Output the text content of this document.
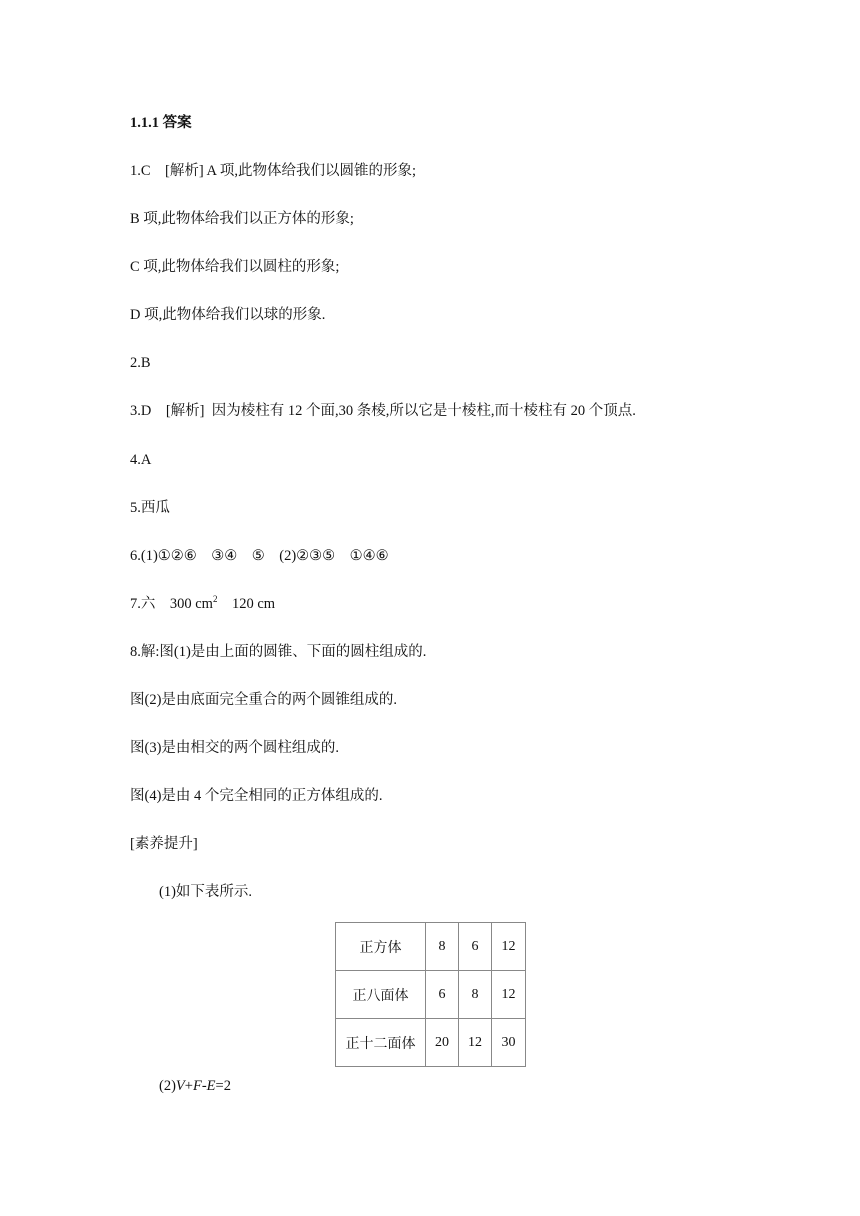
1.1.1 答案
1.C　[解析] A 项,此物体给我们以圆锥的形象;
B 项,此物体给我们以正方体的形象;
C 项,此物体给我们以圆柱的形象;
D 项,此物体给我们以球的形象.
2.B
3.D　[解析]  因为棱柱有 12 个面,30 条棱,所以它是十棱柱,而十棱柱有 20 个顶点.
4.A
5.西瓜
6.(1)①②⑥　③④　⑤　(2)②③⑤　①④⑥
7.六　300 $cm^2$　120 cm
8.解:图(1)是由上面的圆锥、下面的圆柱组成的.
图(2)是由底面完全重合的两个圆锥组成的.
图(3)是由相交的两个圆柱组成的.
图(4)是由 4 个完全相同的正方体组成的.
[素养提升]
(1)如下表所示.
正方体	8	6	12
正八面体	6	8	12
正十二面体	20	12	30
(2)V+F-E=2
